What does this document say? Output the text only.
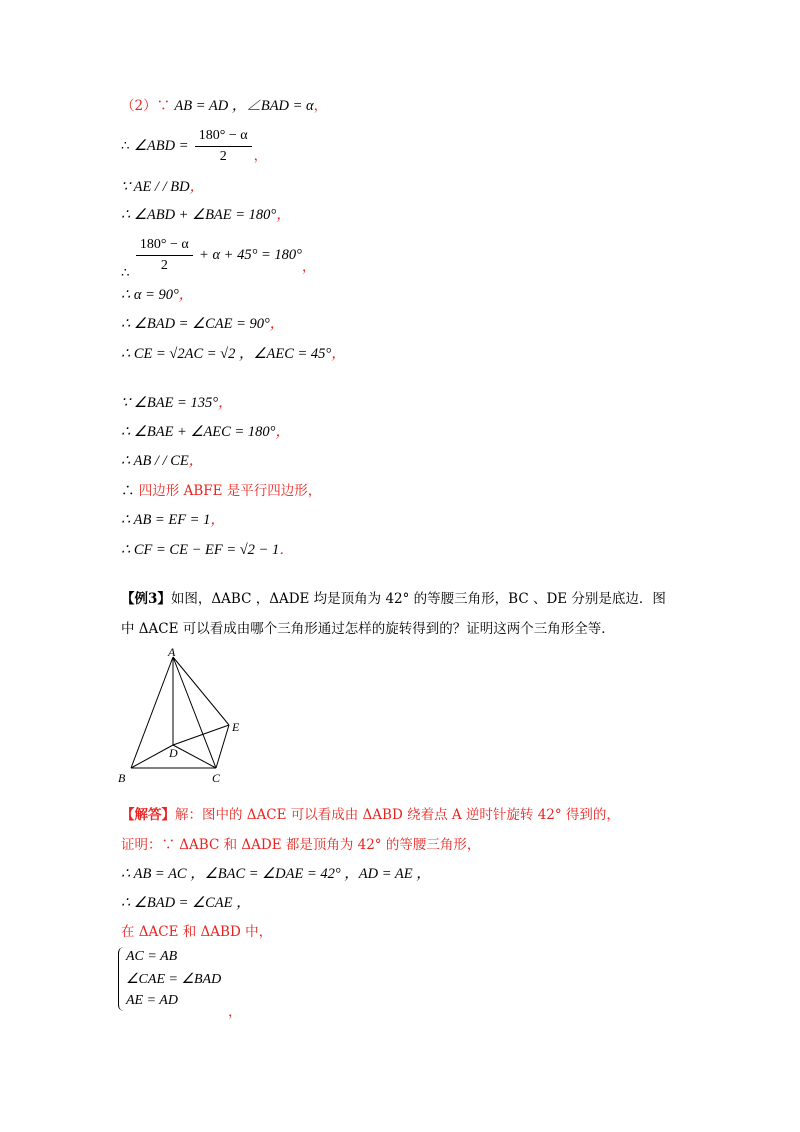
（2）∵ AB = AD ，∠BAD = α，
∴ ∠ABD = $\frac{180^\circ - \alpha}{2}$ ，
∵ AE / / BD，
∴ ∠ABD + ∠BAE = 180°，
∴ $\frac{180^\circ - \alpha}{2} + \alpha + 45^\circ = 180^\circ$，
∴ α = 90°，
∴ ∠BAD = ∠CAE = 90°，
∴ CE = √2AC = √2 ，∠AEC = 45°，
∵ ∠BAE = 135°，
∴ ∠BAE + ∠AEC = 180°，
∴ AB / / CE，
∴ 四边形 ABFE 是平行四边形，
∴ AB = EF = 1，
∴ CF = CE − EF = √2 − 1．
【例3】如图，ΔABC ，ΔADE 均是顶角为 42° 的等腰三角形，BC 、DE 分别是底边．图
中 ΔACE 可以看成由哪个三角形通过怎样的旋转得到的？证明这两个三角形全等．
A
B	C
D
E
【解答】解：图中的 ΔACE 可以看成由 ΔABD 绕着点 A 逆时针旋转 42° 得到的，
证明：∵ ΔABC 和 ΔADE 都是顶角为 42° 的等腰三角形，
∴ AB = AC ，∠BAC = ∠DAE = 42° ，AD = AE ，
∴ ∠BAD = ∠CAE ，
在 ΔACE 和 ΔABD 中，
AC = AB
∠CAE = ∠BAD
AE = AD
，
